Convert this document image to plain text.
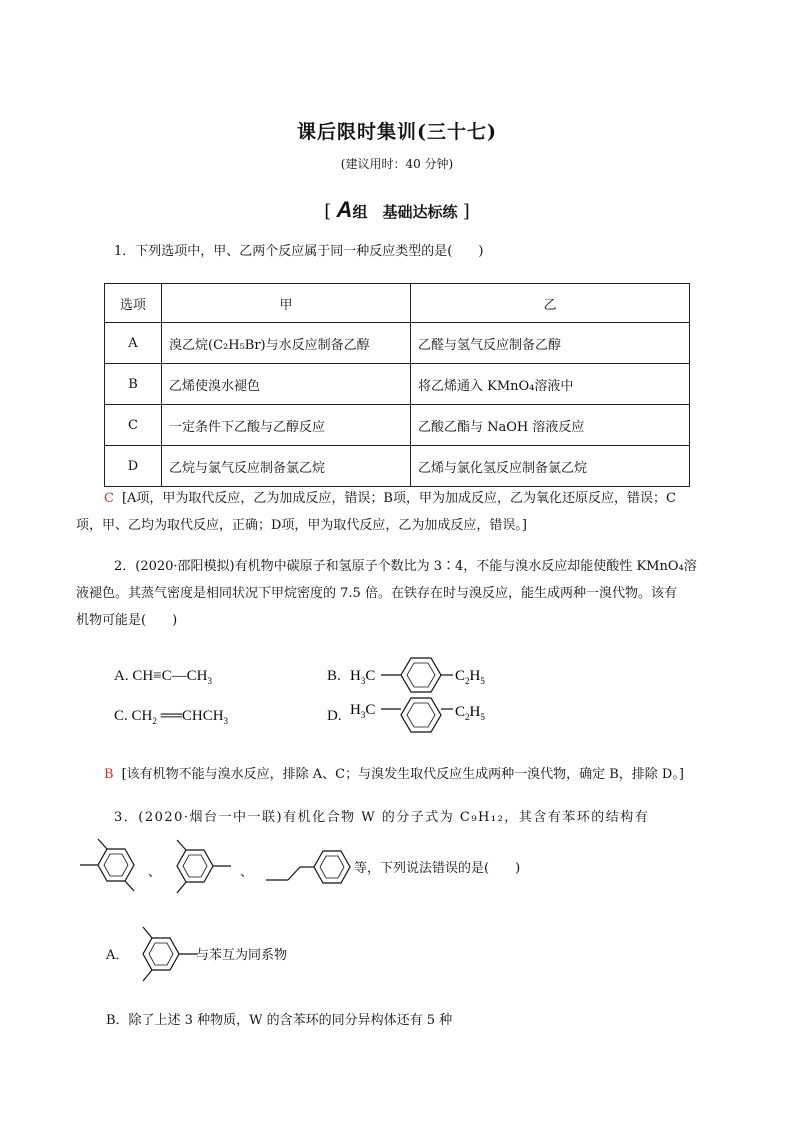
课后限时集训(三十七)
(建议用时：40 分钟)
[ A组　基础达标练 ]
1．下列选项中，甲、乙两个反应属于同一种反应类型的是(　　)
选项	甲	乙
A	溴乙烷(C₂H₅Br)与水反应制备乙醇	乙醛与氢气反应制备乙醇
B	乙烯使溴水褪色	将乙烯通入 KMnO₄溶液中
C	一定条件下乙酸与乙醇反应	乙酸乙酯与 NaOH 溶液反应
D	乙烷与氯气反应制备氯乙烷	乙烯与氯化氢反应制备氯乙烷
C [A项，甲为取代反应，乙为加成反应，错误；B项，甲为加成反应，乙为氧化还原反应，错误；C
项，甲、乙均为取代反应，正确；D项，甲为取代反应，乙为加成反应，错误。]
2．(2020·邵阳模拟)有机物中碳原子和氢原子个数比为 3∶4，不能与溴水反应却能使酸性 KMnO₄溶
液褪色。其蒸气密度是相同状况下甲烷密度的 7.5 倍。在铁存在时与溴反应，能生成两种一溴代物。该有
机物可能是(　　)
A. $CH\equiv C—CH_3$
C. $CH_2$ $══CHCH_3$
B. $H_3C$	$C_2H_5$
D. $H_3C$	$C_2H_5$
B [该有机物不能与溴水反应，排除 A、C；与溴发生取代反应生成两种一溴代物，确定 B，排除 D。]
3．(2020·烟台一中一联)有机化合物 W 的分子式为 C₉H₁₂，其含有苯环的结构有
、	、	等，下列说法错误的是(　　)
A．	与苯互为同系物
B．除了上述 3 种物质，W 的含苯环的同分异构体还有 5 种
